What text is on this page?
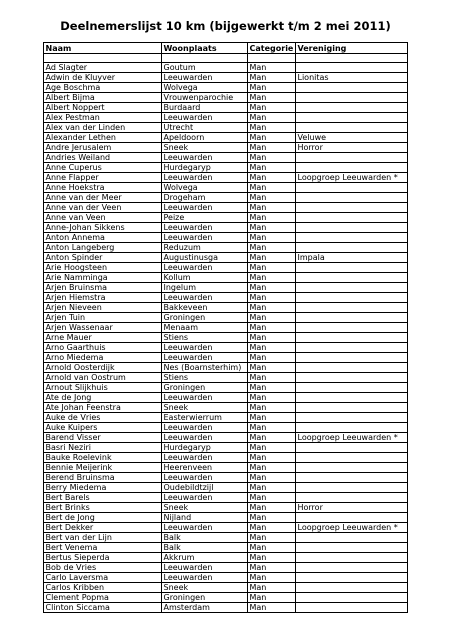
Deelnemerslijst 10 km (bijgewerkt t/m 2 mei 2011)
Naam	Woonplaats	Categorie	Vereniging

Ad Slagter	Goutum	Man	
Adwin de Kluyver	Leeuwarden	Man	Lionitas
Age Boschma	Wolvega	Man	
Albert Bijma	Vrouwenparochie	Man	
Albert Noppert	Burdaard	Man	
Alex Pestman	Leeuwarden	Man	
Alex van der Linden	Utrecht	Man	
Alexander Lethen	Apeldoorn	Man	Veluwe
Andre Jerusalem	Sneek	Man	Horror
Andries Weiland	Leeuwarden	Man	
Anne Cuperus	Hurdegaryp	Man	
Anne Flapper	Leeuwarden	Man	Loopgroep Leeuwarden *
Anne Hoekstra	Wolvega	Man	
Anne van der Meer	Drogeham	Man	
Anne van der Veen	Leeuwarden	Man	
Anne van Veen	Peize	Man	
Anne-Johan Sikkens	Leeuwarden	Man	
Anton Annema	Leeuwarden	Man	
Anton Langeberg	Reduzum	Man	
Anton Spinder	Augustinusga	Man	Impala
Arie Hoogsteen	Leeuwarden	Man	
Arie Namminga	Kollum	Man	
Arjen Bruinsma	Ingelum	Man	
Arjen Hiemstra	Leeuwarden	Man	
Arjen Nieveen	Bakkeveen	Man	
Arjen Tuin	Groningen	Man	
Arjen Wassenaar	Menaam	Man	
Arne Mauer	Stiens	Man	
Arno Gaarthuis	Leeuwarden	Man	
Arno Miedema	Leeuwarden	Man	
Arnold Oosterdijk	Nes (Boarnsterhim)	Man	
Arnold van Oostrum	Stiens	Man	
Arnout Slijkhuis	Groningen	Man	
Ate de Jong	Leeuwarden	Man	
Ate Johan Feenstra	Sneek	Man	
Auke de Vries	Easterwierrum	Man	
Auke Kuipers	Leeuwarden	Man	
Barend Visser	Leeuwarden	Man	Loopgroep Leeuwarden *
Basri Neziri	Hurdegaryp	Man	
Bauke Roelevink	Leeuwarden	Man	
Bennie Meijerink	Heerenveen	Man	
Berend Bruinsma	Leeuwarden	Man	
Berry Miedema	Oudebildtzijl	Man	
Bert Barels	Leeuwarden	Man	
Bert Brinks	Sneek	Man	Horror
Bert de Jong	Nijland	Man	
Bert Dekker	Leeuwarden	Man	Loopgroep Leeuwarden *
Bert van der Lijn	Balk	Man	
Bert Venema	Balk	Man	
Bertus Sieperda	Akkrum	Man	
Bob de Vries	Leeuwarden	Man	
Carlo Laversma	Leeuwarden	Man	
Carlos Kribben	Sneek	Man	
Clement Popma	Groningen	Man	
Clinton Siccama	Amsterdam	Man	
